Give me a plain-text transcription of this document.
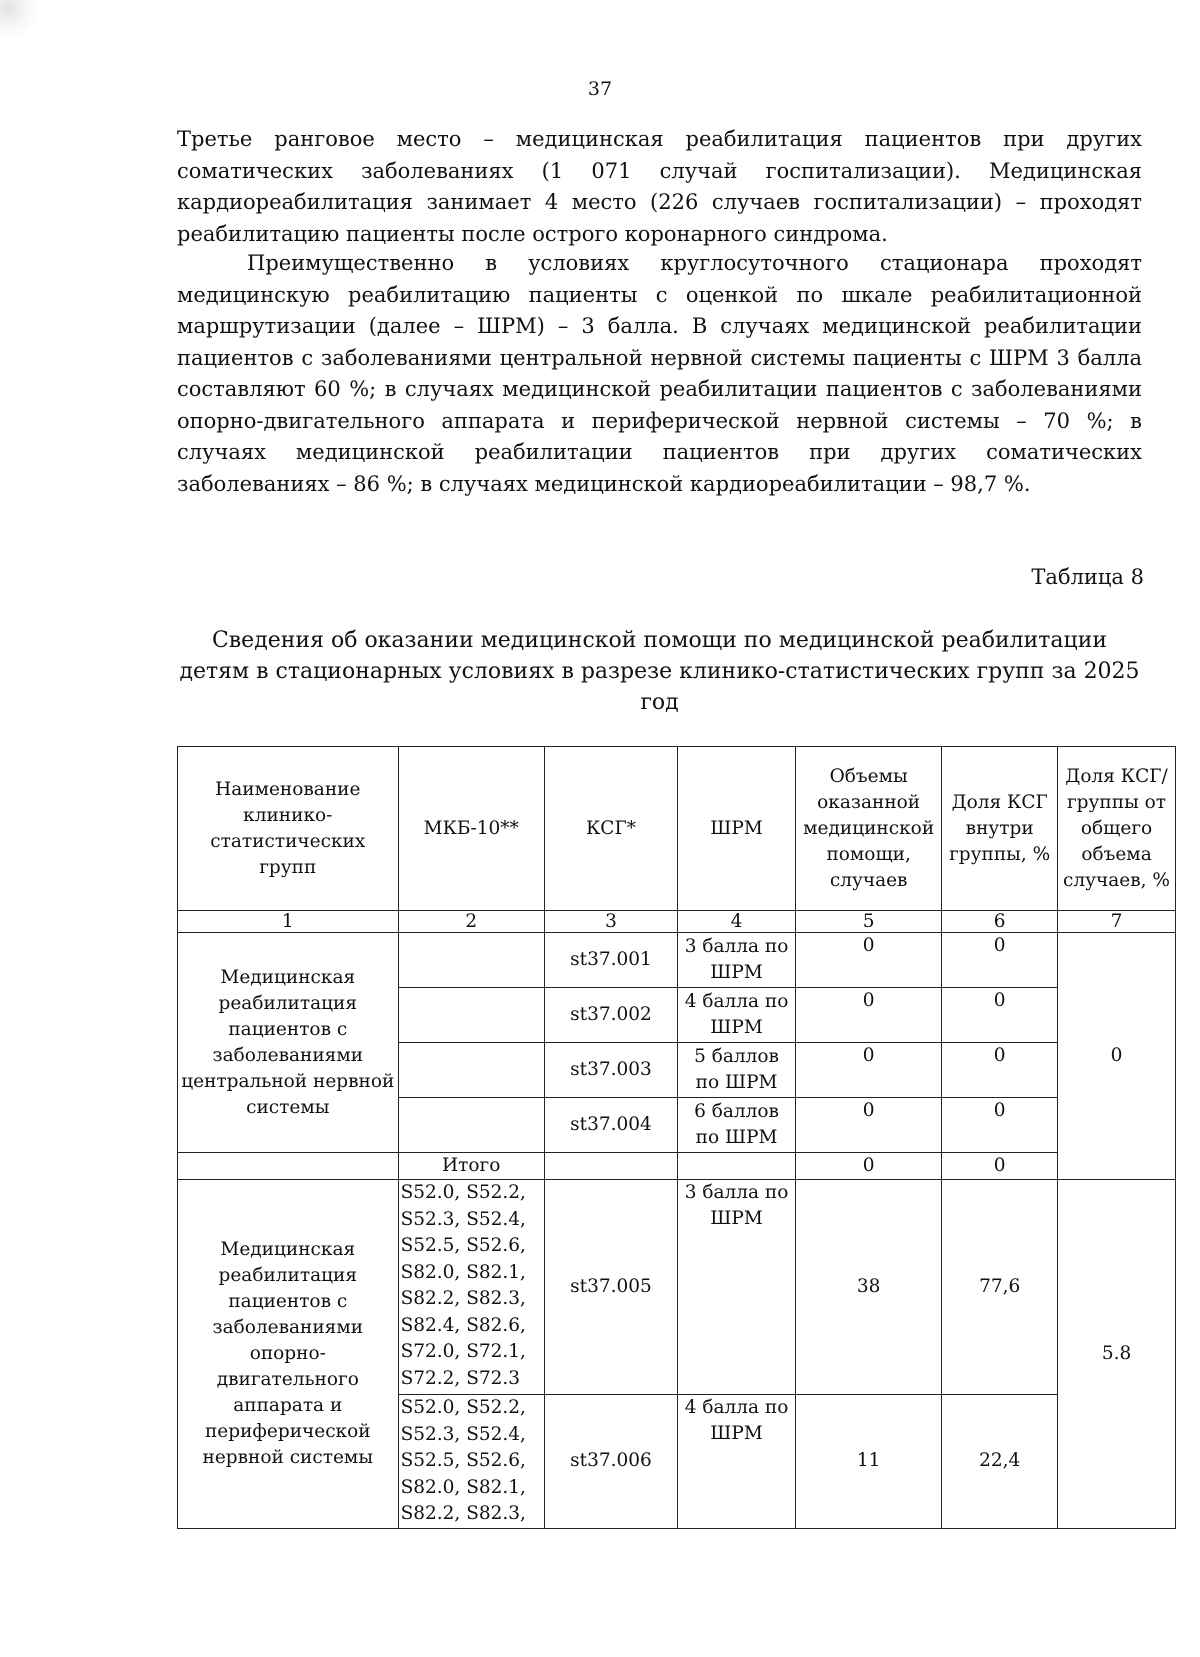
37

Третье ранговое место – медицинская реабилитация пациентов при других соматических заболеваниях (1 071 случай госпитализации). Медицинская кардиореабилитация занимает 4 место (226 случаев госпитализации) – проходят реабилитацию пациенты после острого коронарного синдрома.

Преимущественно в условиях круглосуточного стационара проходят медицинскую реабилитацию пациенты с оценкой по шкале реабилитационной маршрутизации (далее – ШРМ) – 3 балла. В случаях медицинской реабилитации пациентов с заболеваниями центральной нервной системы пациенты с ШРМ 3 балла составляют 60 %; в случаях медицинской реабилитации пациентов с заболеваниями опорно-двигательного аппарата и периферической нервной системы – 70 %; в случаях медицинской реабилитации пациентов при других соматических заболеваниях – 86 %; в случаях медицинской кардиореабилитации – 98,7 %.

Таблица 8
Сведения об оказании медицинской помощи по медицинской реабилитации детям в стационарных условиях в разрезе клинико-статистических групп за 2025 год
Наименование клинико-статистических групп	МКБ-10**	КСГ*	ШРМ	Объемы оказанной медицинской помощи, случаев	Доля КСГ внутри группы, %	Доля КСГ/группы от общего объема случаев, %
1	2	3	4	5	6	7
Медицинская реабилитация пациентов с заболеваниями центральной нервной системы		st37.001	3 балла по ШРМ	0	0	0
		st37.002	4 балла по ШРМ	0	0	
		st37.003	5 баллов по ШРМ	0	0	
		st37.004	6 баллов по ШРМ	0	0	
	Итого			0	0	
Медицинская реабилитация пациентов с заболеваниями опорно-двигательного аппарата и периферической нервной системы	S52.0, S52.2, S52.3, S52.4, S52.5, S52.6, S82.0, S82.1, S82.2, S82.3, S82.4, S82.6, S72.0, S72.1, S72.2, S72.3	st37.005	3 балла по ШРМ	38	77,6	5.8
	S52.0, S52.2, S52.3, S52.4, S52.5, S52.6, S82.0, S82.1, S82.2, S82.3,	st37.006	4 балла по ШРМ	11	22,4	
